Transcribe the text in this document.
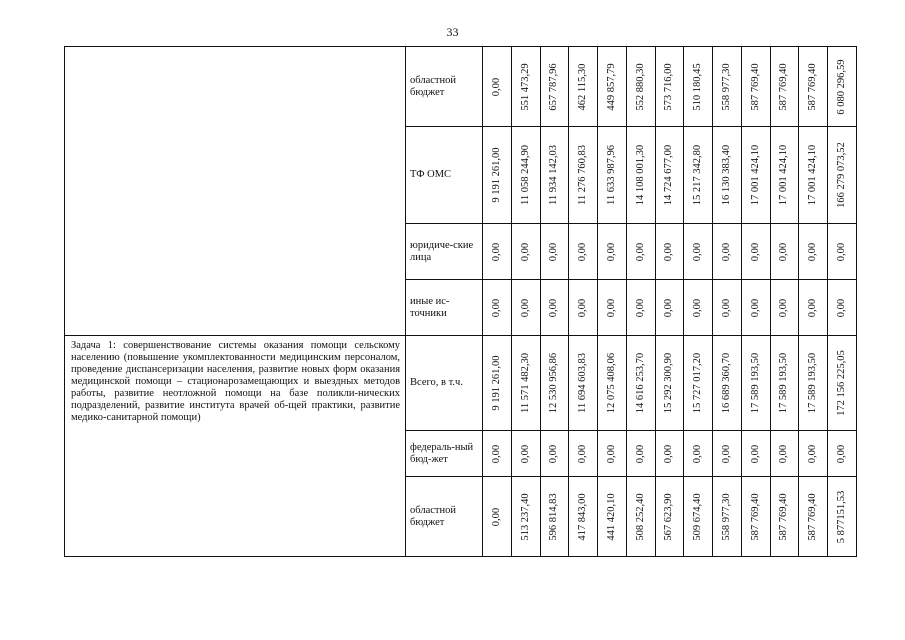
33
	областной бюджет	0,00	551 473,29	657 787,96	462 115,30	449 857,79	552 880,30	573 716,00	510 180,45	558 977,30	587 769,40	587 769,40	587 769,40	6 080 296,59

	ТФ ОМС	9 191 261,00	11 058 244,90	11 934 142,03	11 276 760,83	11 633 987,96	14 108 001,30	14 724 677,00	15 217 342,80	16 130 383,40	17 001 424,10	17 001 424,10	17 001 424,10	166 279 073,52

	юридиче-ские лица	0,00	0,00	0,00	0,00	0,00	0,00	0,00	0,00	0,00	0,00	0,00	0,00	0,00

	иные ис-точники	0,00	0,00	0,00	0,00	0,00	0,00	0,00	0,00	0,00	0,00	0,00	0,00	0,00

Задача 1: совершенствование системы оказания помощи сельскому населению (повышение укомплектованности медицинским персоналом, проведение диспансеризации населения, развитие новых форм оказания медицинской помощи – стационарозамещающих и выездных методов работы, развитие неотложной помощи на базе поликли-нических подразделений, развитие института врачей об-щей практики, развитие медико-санитарной помощи)	Всего, в т.ч.	9 191 261,00	11 571 482,30	12 530 956,86	11 694 603,83	12 075 408,06	14 616 253,70	15 292 300,90	15 727 017,20	16 689 360,70	17 589 193,50	17 589 193,50	17 589 193,50	172 156 225,05

	федераль-ный бюд-жет	0,00	0,00	0,00	0,00	0,00	0,00	0,00	0,00	0,00	0,00	0,00	0,00	0,00

	областной бюджет	0,00	513 237,40	596 814,83	417 843,00	441 420,10	508 252,40	567 623,90	509 674,40	558 977,30	587 769,40	587 769,40	587 769,40	5 877151,53
